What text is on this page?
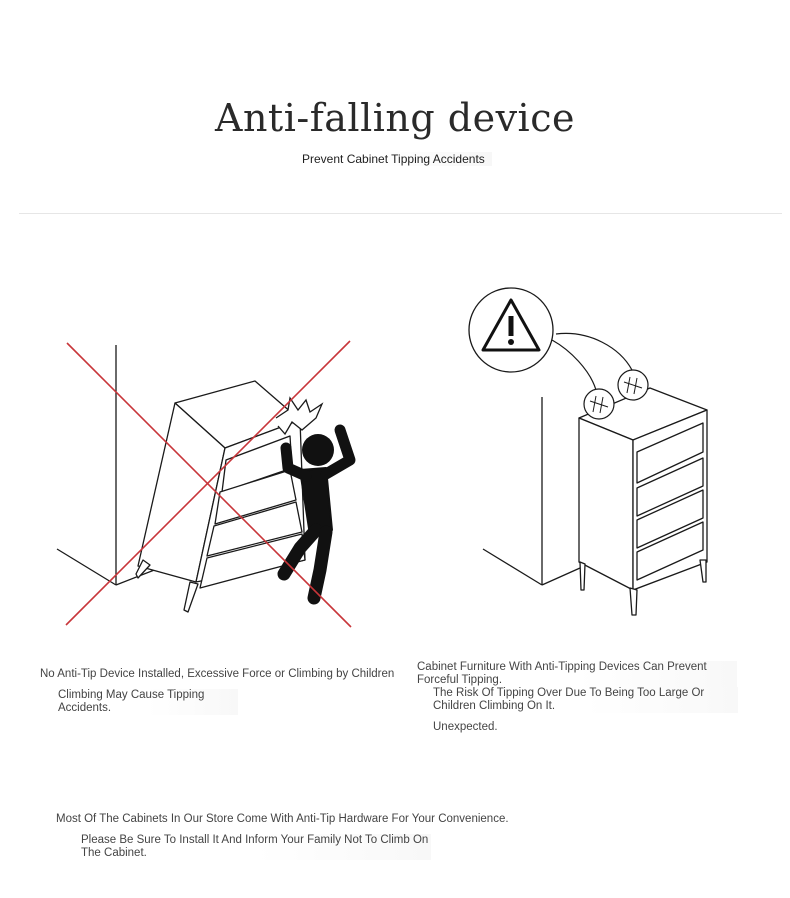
Anti-falling device
Prevent Cabinet Tipping Accidents
No Anti-Tip Device Installed, Excessive Force or Climbing by Children
Climbing May Cause Tipping Accidents.
Cabinet Furniture With Anti-Tipping Devices Can Prevent Forceful Tipping.
The Risk Of Tipping Over Due To Being Too Large Or Children Climbing On It.
Unexpected.
Most Of The Cabinets In Our Store Come With Anti-Tip Hardware For Your Convenience.
Please Be Sure To Install It And Inform Your Family Not To Climb On The Cabinet.
